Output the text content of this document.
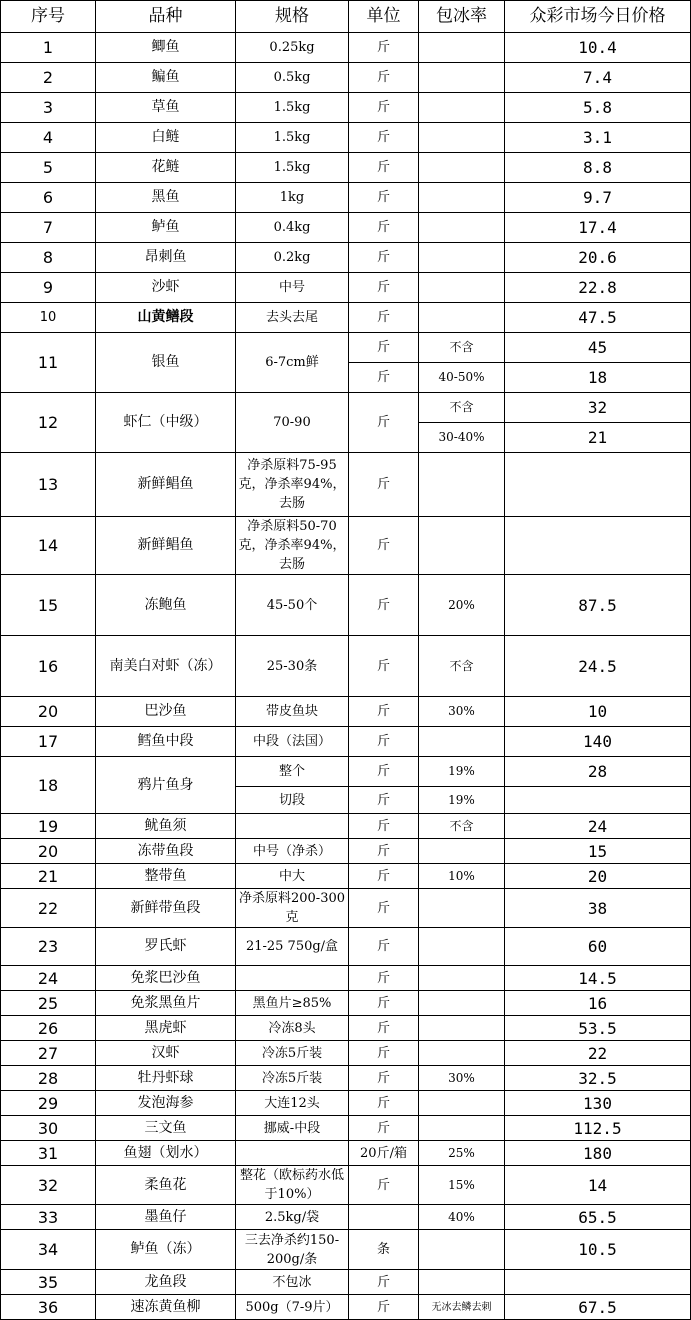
序号	品种	规格	单位	包冰率	众彩市场今日价格
1	鲫鱼	0.25kg	斤		10.4
2	鳊鱼	0.5kg	斤		7.4
3	草鱼	1.5kg	斤		5.8
4	白鲢	1.5kg	斤		3.1
5	花鲢	1.5kg	斤		8.8
6	黑鱼	1kg	斤		9.7
7	鲈鱼	0.4kg	斤		17.4
8	昂刺鱼	0.2kg	斤		20.6
9	沙虾	中号	斤		22.8
10	山黄鳝段	去头去尾	斤		47.5
11	银鱼	6-7cm鲜	斤	不含	45
			斤	40-50%	18
12	虾仁（中级）	70-90	斤	不含	32
				30-40%	21
13	新鲜鲳鱼	净杀原料75-95克，净杀率94%，去肠	斤		
14	新鲜鲳鱼	净杀原料50-70克，净杀率94%，去肠	斤		
15	冻鲍鱼	45-50个	斤	20%	87.5
16	南美白对虾（冻）	25-30条	斤	不含	24.5
20	巴沙鱼	带皮鱼块	斤	30%	10
17	鳕鱼中段	中段（法国）	斤		140
18	鸦片鱼身	整个	斤	19%	28
		切段	斤	19%	
19	鱿鱼须		斤	不含	24
20	冻带鱼段	中号（净杀）	斤		15
21	整带鱼	中大	斤	10%	20
22	新鲜带鱼段	净杀原料200-300克	斤		38
23	罗氏虾	21-25 750g/盒	斤		60
24	免浆巴沙鱼		斤		14.5
25	免浆黑鱼片	黑鱼片≥85%	斤		16
26	黑虎虾	冷冻8头	斤		53.5
27	汉虾	冷冻5斤装	斤		22
28	牡丹虾球	冷冻5斤装	斤	30%	32.5
29	发泡海参	大连12头	斤		130
30	三文鱼	挪威-中段	斤		112.5
31	鱼翅（划水）		20斤/箱	25%	180
32	柔鱼花	整花（欧标药水低于10%）	斤	15%	14
33	墨鱼仔	2.5kg/袋		40%	65.5
34	鲈鱼（冻）	三去净杀约150-200g/条	条		10.5
35	龙鱼段	不包冰	斤		
36	速冻黄鱼柳	500g（7-9片）	斤	无冰去鳞去刺	67.5
